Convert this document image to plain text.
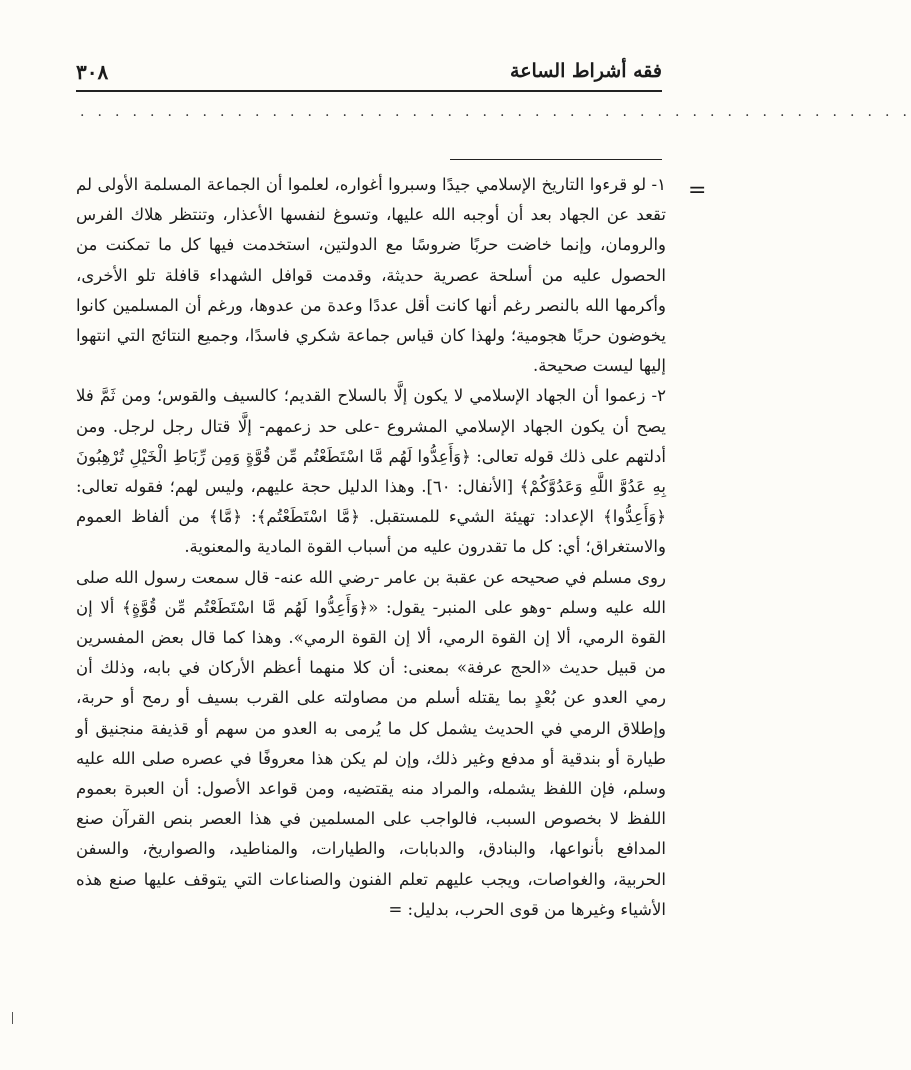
فقه أشراط الساعة
٣٠٨
. . . . . . . . . . . . . . . . . . . . . . . . . . . . . . . . . . . . . . . . . . . . . . . .
=

١- لو قرءوا التاريخ الإسلامي جيدًا وسبروا أغواره، لعلموا أن الجماعة المسلمة الأولى لم تقعد عن الجهاد بعد أن أوجبه الله عليها، وتسوغ لنفسها الأعذار، وتنتظر هلاك الفرس والرومان، وإنما خاضت حربًا ضروسًا مع الدولتين، استخدمت فيها كل ما تمكنت من الحصول عليه من أسلحة عصرية حديثة، وقدمت قوافل الشهداء قافلة تلو الأخرى، وأكرمها الله بالنصر رغم أنها كانت أقل عددًا وعدة من عدوها، ورغم أن المسلمين كانوا يخوضون حربًا هجومية؛ ولهذا كان قياس جماعة شكري فاسدًا، وجميع النتائج التي انتهوا إليها ليست صحيحة.

٢- زعموا أن الجهاد الإسلامي لا يكون إلَّا بالسلاح القديم؛ كالسيف والقوس؛ ومن ثَمَّ فلا يصح أن يكون الجهاد الإسلامي المشروع -على حد زعمهم- إلَّا قتال رجل لرجل. ومن أدلتهم على ذلك قوله تعالى: ﴿وَأَعِدُّوا لَهُم مَّا اسْتَطَعْتُم مِّن قُوَّةٍ وَمِن رِّبَاطِ الْخَيْلِ تُرْهِبُونَ بِهِ عَدُوَّ اللَّهِ وَعَدُوَّكُمْ﴾ [الأنفال: ٦٠]. وهذا الدليل حجة عليهم، وليس لهم؛ فقوله تعالى: ﴿وَأَعِدُّوا﴾ الإعداد: تهيئة الشيء للمستقبل. ﴿مَّا اسْتَطَعْتُم﴾: ﴿مَّا﴾ من ألفاظ العموم والاستغراق؛ أي: كل ما تقدرون عليه من أسباب القوة المادية والمعنوية.

روى مسلم في صحيحه عن عقبة بن عامر -رضي الله عنه- قال سمعت رسول الله صلى الله عليه وسلم -وهو على المنبر- يقول: «﴿وَأَعِدُّوا لَهُم مَّا اسْتَطَعْتُم مِّن قُوَّةٍ﴾ ألا إن القوة الرمي، ألا إن القوة الرمي، ألا إن القوة الرمي». وهذا كما قال بعض المفسرين من قبيل حديث «الحج عرفة» بمعنى: أن كلا منهما أعظم الأركان في بابه، وذلك أن رمي العدو عن بُعْدٍ بما يقتله أسلم من مصاولته على القرب بسيف أو رمح أو حربة، وإطلاق الرمي في الحديث يشمل كل ما يُرمى به العدو من سهم أو قذيفة منجنيق أو طيارة أو بندقية أو مدفع وغير ذلك، وإن لم يكن هذا معروفًا في عصره صلى الله عليه وسلم، فإن اللفظ يشمله، والمراد منه يقتضيه، ومن قواعد الأصول: أن العبرة بعموم اللفظ لا بخصوص السبب، فالواجب على المسلمين في هذا العصر بنص القرآن صنع المدافع بأنواعها، والبنادق، والدبابات، والطيارات، والمناطيد، والصواريخ، والسفن الحربية، والغواصات، ويجب عليهم تعلم الفنون والصناعات التي يتوقف عليها صنع هذه الأشياء وغيرها من قوى الحرب، بدليل: =
